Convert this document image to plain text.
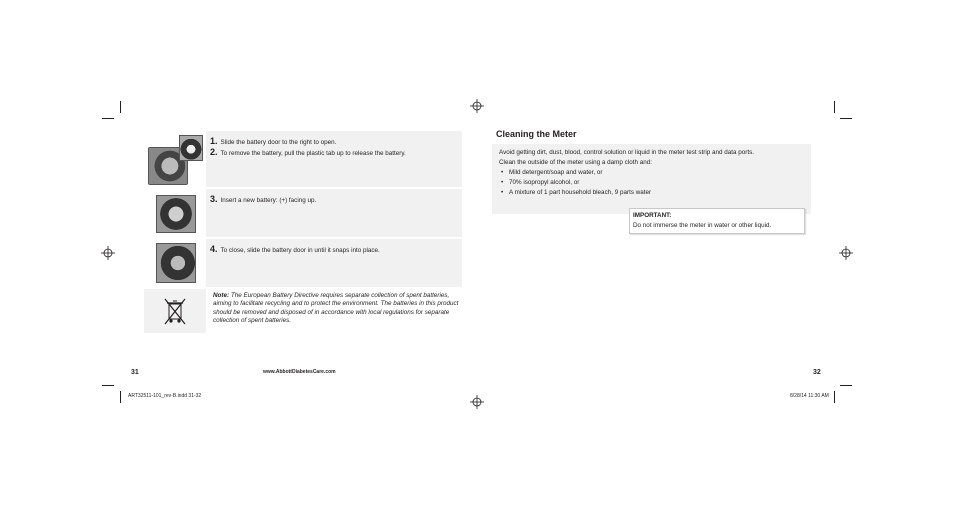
1. Slide the battery door to the right to open.
2. To remove the battery, pull the plastic tab up to release the battery.
3. Insert a new battery: (+) facing up.
4. To close, slide the battery door in until it snaps into place.
Note: The European Battery Directive requires separate collection of spent batteries, aiming to facilitate recycling and to protect the environment. The batteries in this product should be removed and disposed of in accordance with local regulations for separate collection of spent batteries.
31	www.AbbottDiabetesCare.com
Cleaning the Meter
Avoid getting dirt, dust, blood, control solution or liquid in the meter test strip and data ports.
Clean the outside of the meter using a damp cloth and:
• Mild detergent/soap and water, or
• 70% isopropyl alcohol, or
• A mixture of 1 part household bleach, 9 parts water
IMPORTANT:
Do not immerse the meter in water or other liquid.
32
ART32511-101_rev-B.indd 31-32	8/28/14 11:30 AM
